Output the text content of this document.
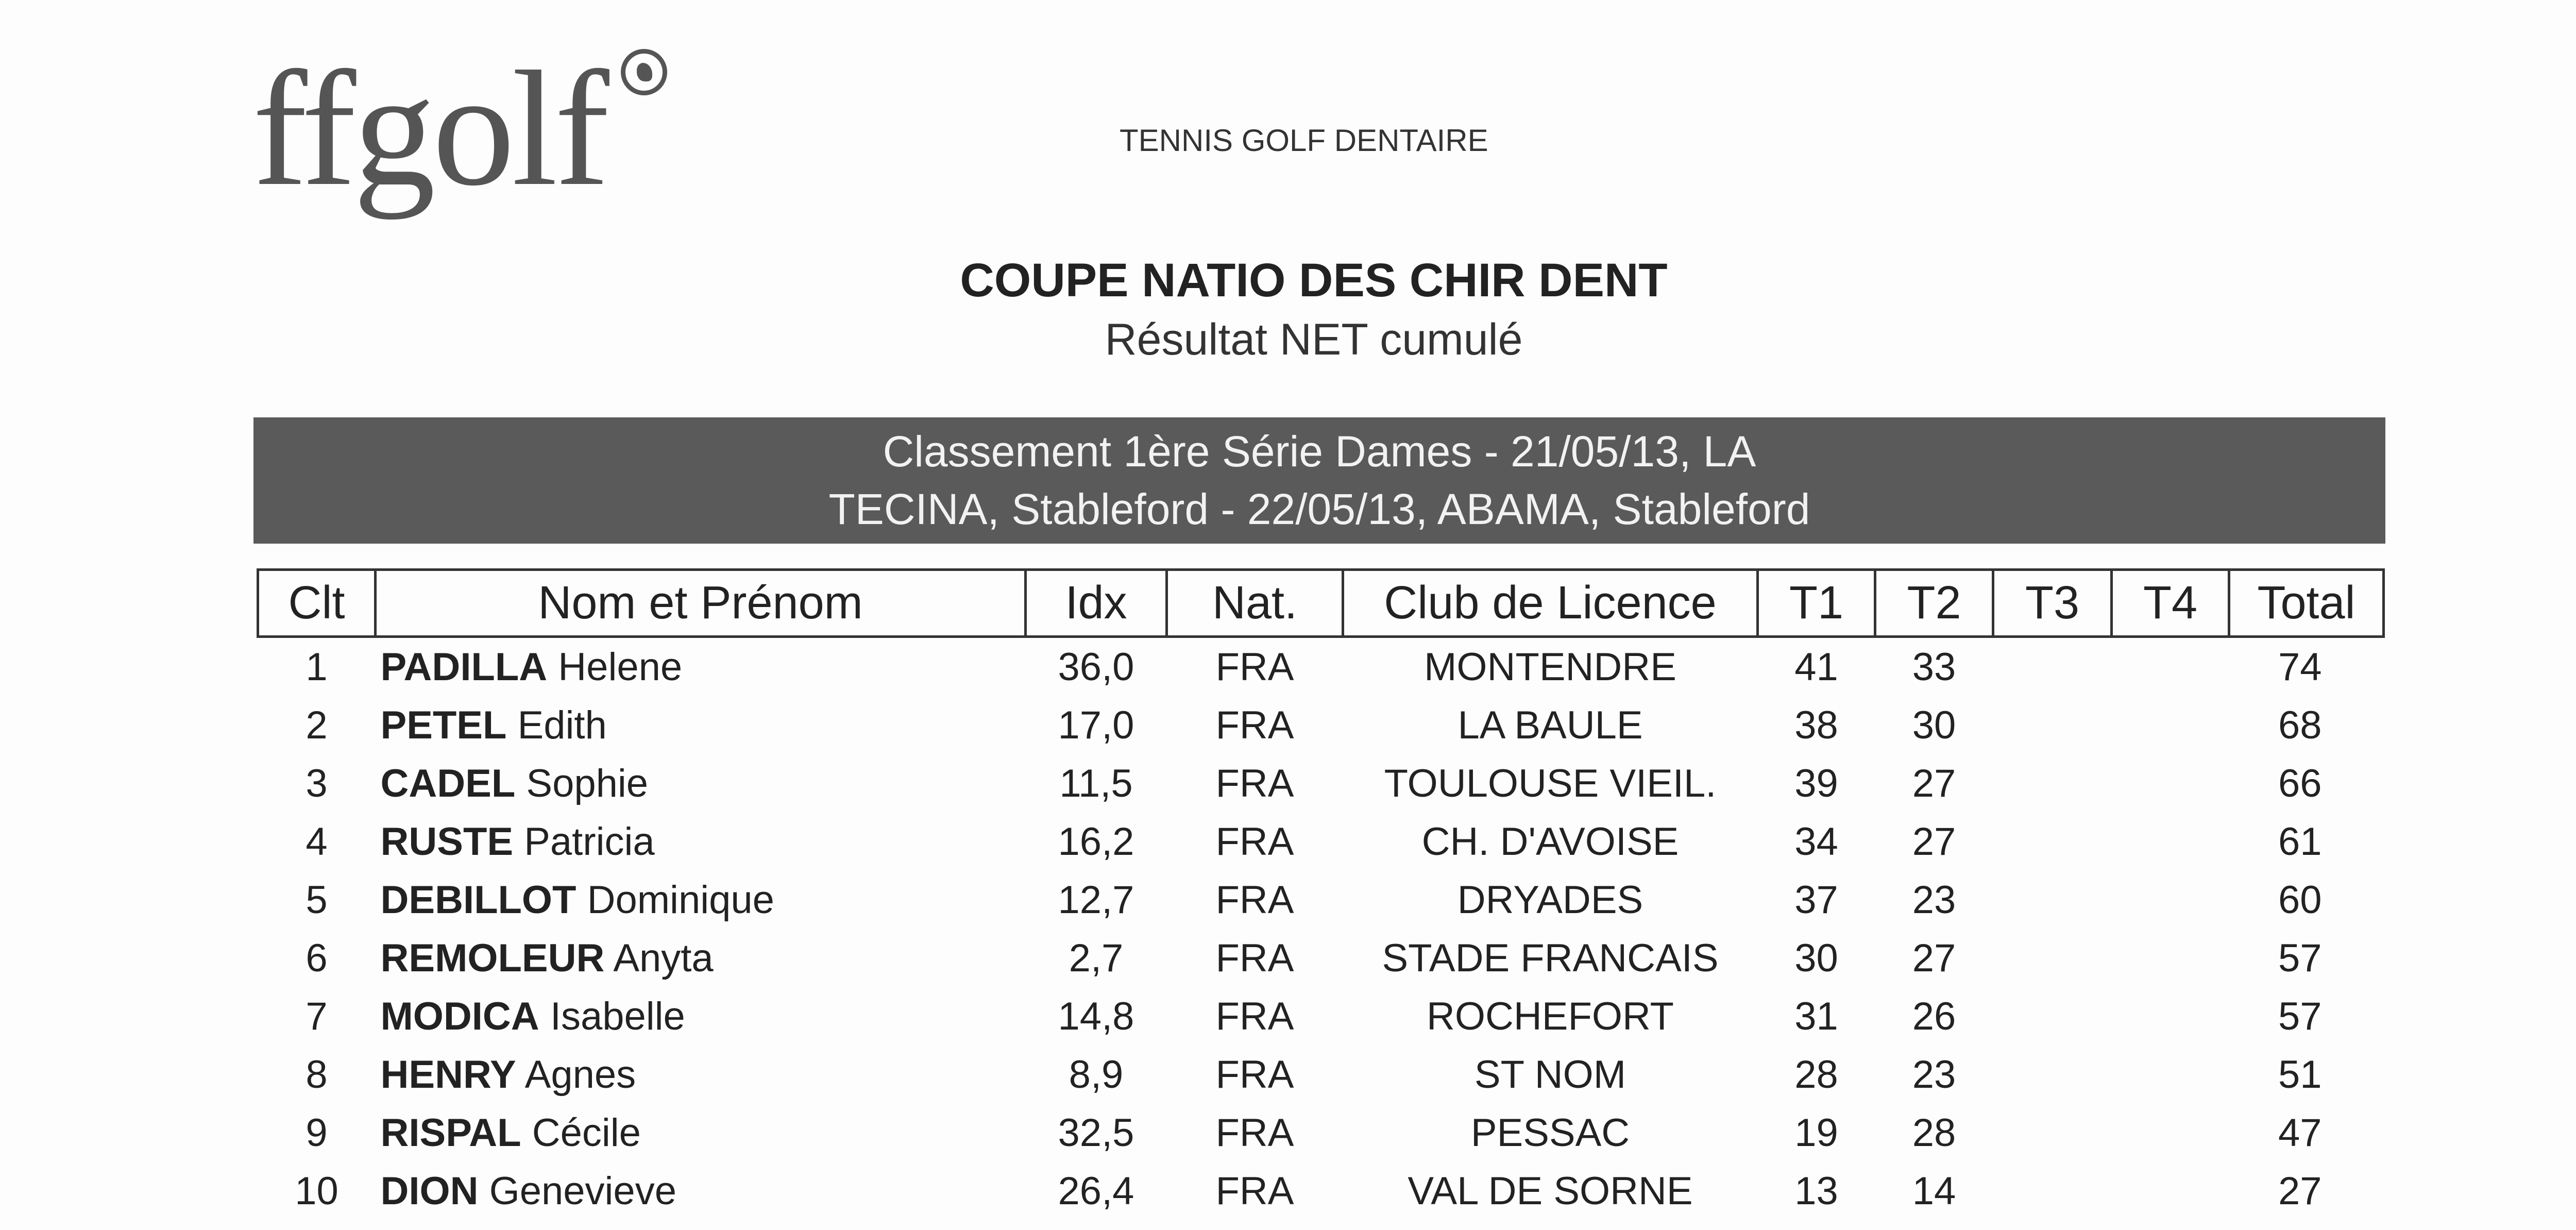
ffgolf	TENNIS GOLF DENTAIRE
COUPE NATIO DES CHIR DENT
Résultat NET cumulé
Classement 1ère Série Dames - 21/05/13, LA
TECINA, Stableford - 22/05/13, ABAMA, Stableford
Clt	Nom et Prénom	Idx	Nat.	Club de Licence	T1	T2	T3	T4	Total
1	PADILLA Helene	36,0	FRA	MONTENDRE	41	33			74
2	PETEL Edith	17,0	FRA	LA BAULE	38	30			68
3	CADEL Sophie	11,5	FRA	TOULOUSE VIEIL.	39	27			66
4	RUSTE Patricia	16,2	FRA	CH. D'AVOISE	34	27			61
5	DEBILLOT Dominique	12,7	FRA	DRYADES	37	23			60
6	REMOLEUR Anyta	2,7	FRA	STADE FRANCAIS	30	27			57
7	MODICA Isabelle	14,8	FRA	ROCHEFORT	31	26			57
8	HENRY Agnes	8,9	FRA	ST NOM	28	23			51
9	RISPAL Cécile	32,5	FRA	PESSAC	19	28			47
10	DION Genevieve	26,4	FRA	VAL DE SORNE	13	14			27
